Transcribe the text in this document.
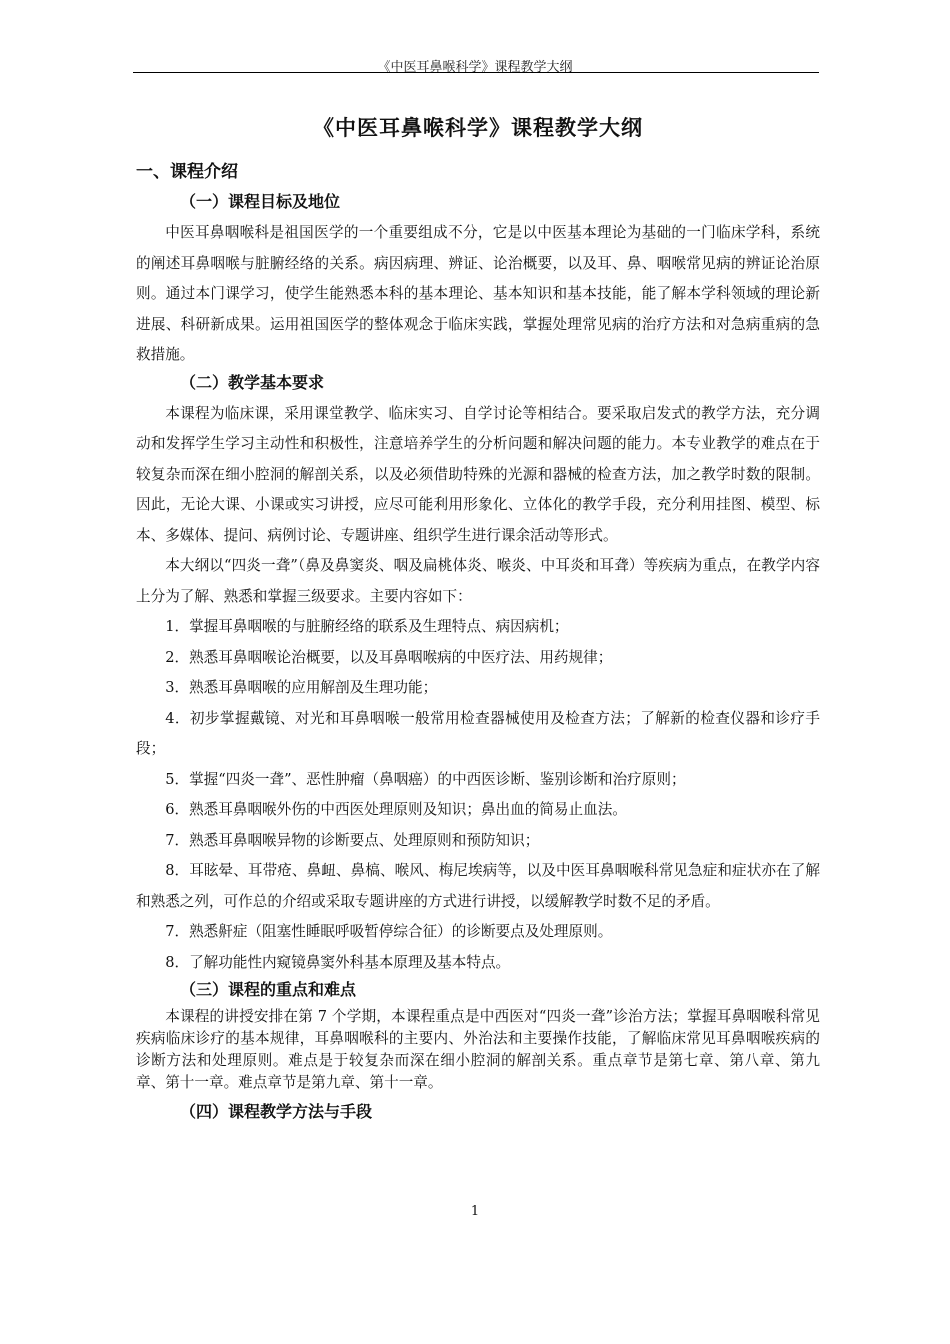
《中医耳鼻喉科学》课程教学大纲
《中医耳鼻喉科学》课程教学大纲
一、课程介绍
（一）课程目标及地位

中医耳鼻咽喉科是祖国医学的一个重要组成不分，它是以中医基本理论为基础的一门临床学科，系统的阐述耳鼻咽喉与脏腑经络的关系。病因病理、辨证、论治概要，以及耳、鼻、咽喉常见病的辨证论治原则。通过本门课学习，使学生能熟悉本科的基本理论、基本知识和基本技能，能了解本学科领域的理论新进展、科研新成果。运用祖国医学的整体观念于临床实践，掌握处理常见病的治疗方法和对急病重病的急救措施。

（二）教学基本要求

本课程为临床课，采用课堂教学、临床实习、自学讨论等相结合。要采取启发式的教学方法，充分调动和发挥学生学习主动性和积极性，注意培养学生的分析问题和解决问题的能力。本专业教学的难点在于较复杂而深在细小腔洞的解剖关系，以及必须借助特殊的光源和器械的检查方法，加之教学时数的限制。因此，无论大课、小课或实习讲授，应尽可能利用形象化、立体化的教学手段，充分利用挂图、模型、标本、多媒体、提问、病例讨论、专题讲座、组织学生进行课余活动等形式。

本大纲以“四炎一聋”（鼻及鼻窦炎、咽及扁桃体炎、喉炎、中耳炎和耳聋）等疾病为重点，在教学内容上分为了解、熟悉和掌握三级要求。主要内容如下：

1．掌握耳鼻咽喉的与脏腑经络的联系及生理特点、病因病机；

2．熟悉耳鼻咽喉论治概要，以及耳鼻咽喉病的中医疗法、用药规律；

3．熟悉耳鼻咽喉的应用解剖及生理功能；

4．初步掌握戴镜、对光和耳鼻咽喉一般常用检查器械使用及检查方法；了解新的检查仪器和诊疗手段；

5．掌握“四炎一聋”、恶性肿瘤（鼻咽癌）的中西医诊断、鉴别诊断和治疗原则；

6．熟悉耳鼻咽喉外伤的中西医处理原则及知识；鼻出血的简易止血法。

7．熟悉耳鼻咽喉异物的诊断要点、处理原则和预防知识；

8．耳眩晕、耳带疮、鼻衄、鼻槁、喉风、梅尼埃病等，以及中医耳鼻咽喉科常见急症和症状亦在了解和熟悉之列，可作总的介绍或采取专题讲座的方式进行讲授，以缓解教学时数不足的矛盾。

7．熟悉鼾症（阻塞性睡眠呼吸暂停综合征）的诊断要点及处理原则。

8．了解功能性内窥镜鼻窦外科基本原理及基本特点。

（三）课程的重点和难点

本课程的讲授安排在第 7 个学期，本课程重点是中西医对“四炎一聋”诊治方法；掌握耳鼻咽喉科常见疾病临床诊疗的基本规律，耳鼻咽喉科的主要内、外治法和主要操作技能，了解临床常见耳鼻咽喉疾病的诊断方法和处理原则。难点是于较复杂而深在细小腔洞的解剖关系。重点章节是第七章、第八章、第九章、第十一章。难点章节是第九章、第十一章。

（四）课程教学方法与手段
1
